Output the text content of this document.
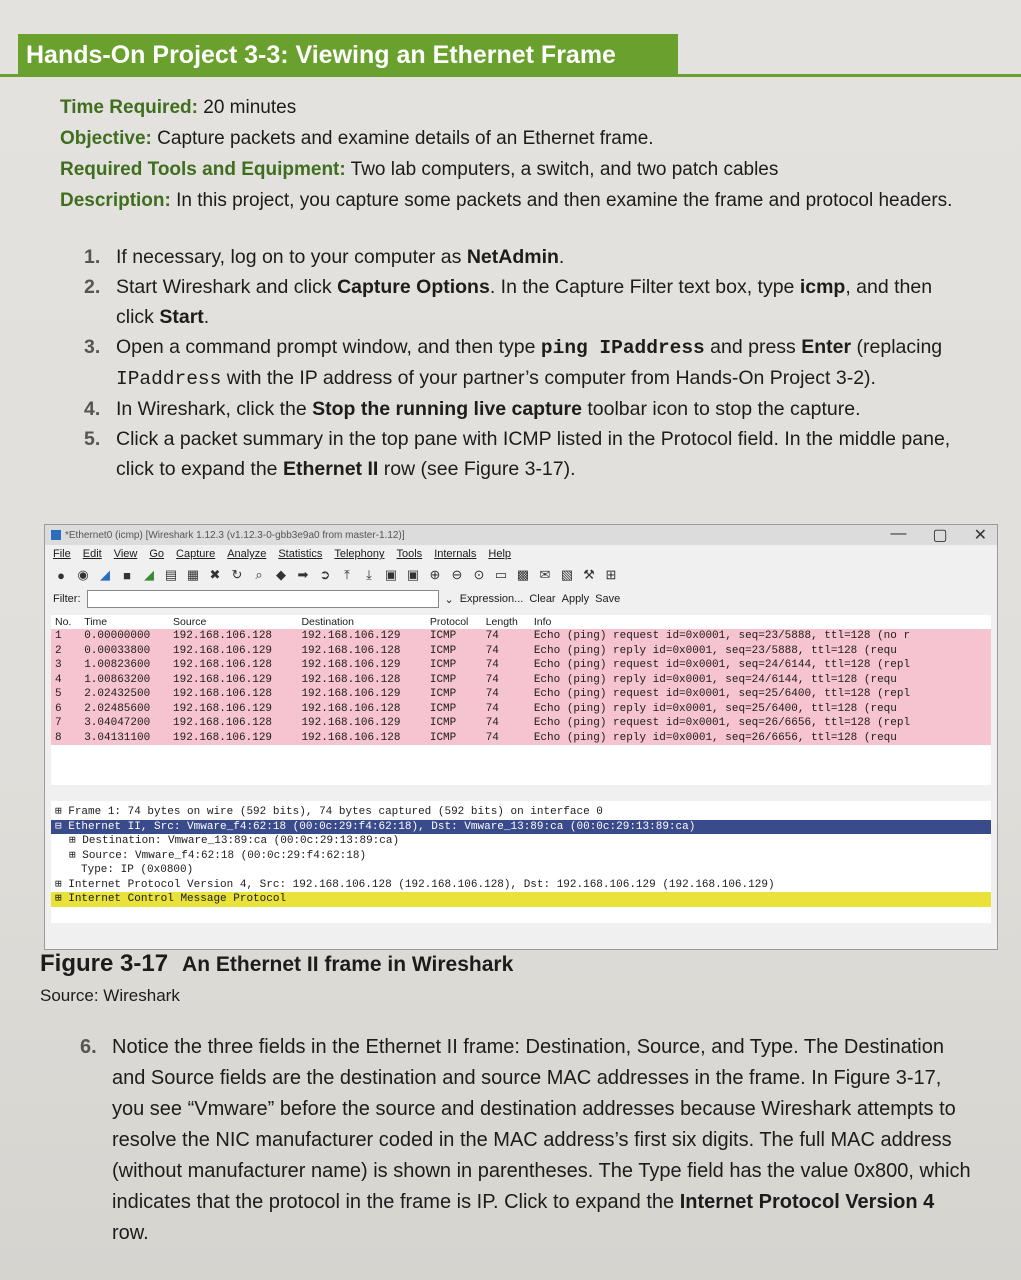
Hands-On Project 3-3: Viewing an Ethernet Frame
Time Required: 20 minutes
Objective: Capture packets and examine details of an Ethernet frame.
Required Tools and Equipment: Two lab computers, a switch, and two patch cables
Description: In this project, you capture some packets and then examine the frame and protocol headers.
1. If necessary, log on to your computer as NetAdmin.
2. Start Wireshark and click Capture Options. In the Capture Filter text box, type icmp, and then click Start.
3. Open a command prompt window, and then type ping IPaddress and press Enter (replacing IPaddress with the IP address of your partner’s computer from Hands-On Project 3-2).
4. In Wireshark, click the Stop the running live capture toolbar icon to stop the capture.
5. Click a packet summary in the top pane with ICMP listed in the Protocol field. In the middle pane, click to expand the Ethernet II row (see Figure 3-17).
*Ethernet0 (icmp) [Wireshark 1.12.3 (v1.12.3-0-gbb3e9a0 from master-1.12)]	— ▢ ✕
File Edit View Go Capture Analyze Statistics Telephony Tools Internals Help
● ◉ ◢	■	◢ ▤ ▦ ✖ ↻ ⌕	◆ ➡ ➲	⤒	⤓ ▣ ▣ ⊕ ⊖ ⊙ ▭ ▩ ✉ ▧ ⚒ ⊞
Filter:	⌄ Expression... Clear Apply Save
No.	Time	Source	Destination	Protocol	Length	Info
1	0.00000000	192.168.106.128	192.168.106.129	ICMP	74	Echo (ping) request id=0x0001, seq=23/5888, ttl=128 (no r
2	0.00033800	192.168.106.129	192.168.106.128	ICMP	74	Echo (ping) reply id=0x0001, seq=23/5888, ttl=128 (requ
3	1.00823600	192.168.106.128	192.168.106.129	ICMP	74	Echo (ping) request id=0x0001, seq=24/6144, ttl=128 (repl
4	1.00863200	192.168.106.129	192.168.106.128	ICMP	74	Echo (ping) reply id=0x0001, seq=24/6144, ttl=128 (requ
5	2.02432500	192.168.106.128	192.168.106.129	ICMP	74	Echo (ping) request id=0x0001, seq=25/6400, ttl=128 (repl
6	2.02485600	192.168.106.129	192.168.106.128	ICMP	74	Echo (ping) reply id=0x0001, seq=25/6400, ttl=128 (requ
7	3.04047200	192.168.106.128	192.168.106.129	ICMP	74	Echo (ping) request id=0x0001, seq=26/6656, ttl=128 (repl
8	3.04131100	192.168.106.129	192.168.106.128	ICMP	74	Echo (ping) reply id=0x0001, seq=26/6656, ttl=128 (requ
⊞ Frame 1: 74 bytes on wire (592 bits), 74 bytes captured (592 bits) on interface 0
⊟ Ethernet II, Src: Vmware_f4:62:18 (00:0c:29:f4:62:18), Dst: Vmware_13:89:ca (00:0c:29:13:89:ca)
⊞ Destination: Vmware_13:89:ca (00:0c:29:13:89:ca)
⊞ Source: Vmware_f4:62:18 (00:0c:29:f4:62:18)
Type: IP (0x0800)
⊞ Internet Protocol Version 4, Src: 192.168.106.128 (192.168.106.128), Dst: 192.168.106.129 (192.168.106.129)
⊞ Internet Control Message Protocol
Figure 3-17 An Ethernet II frame in Wireshark
Source: Wireshark
6. Notice the three fields in the Ethernet II frame: Destination, Source, and Type. The Destination and Source fields are the destination and source MAC addresses in the frame. In Figure 3-17, you see “Vmware” before the source and destination addresses because Wireshark attempts to resolve the NIC manufacturer coded in the MAC address’s first six digits. The full MAC address (without manufacturer name) is shown in parentheses. The Type field has the value 0x800, which indicates that the protocol in the frame is IP. Click to expand the Internet Protocol Version 4 row.
